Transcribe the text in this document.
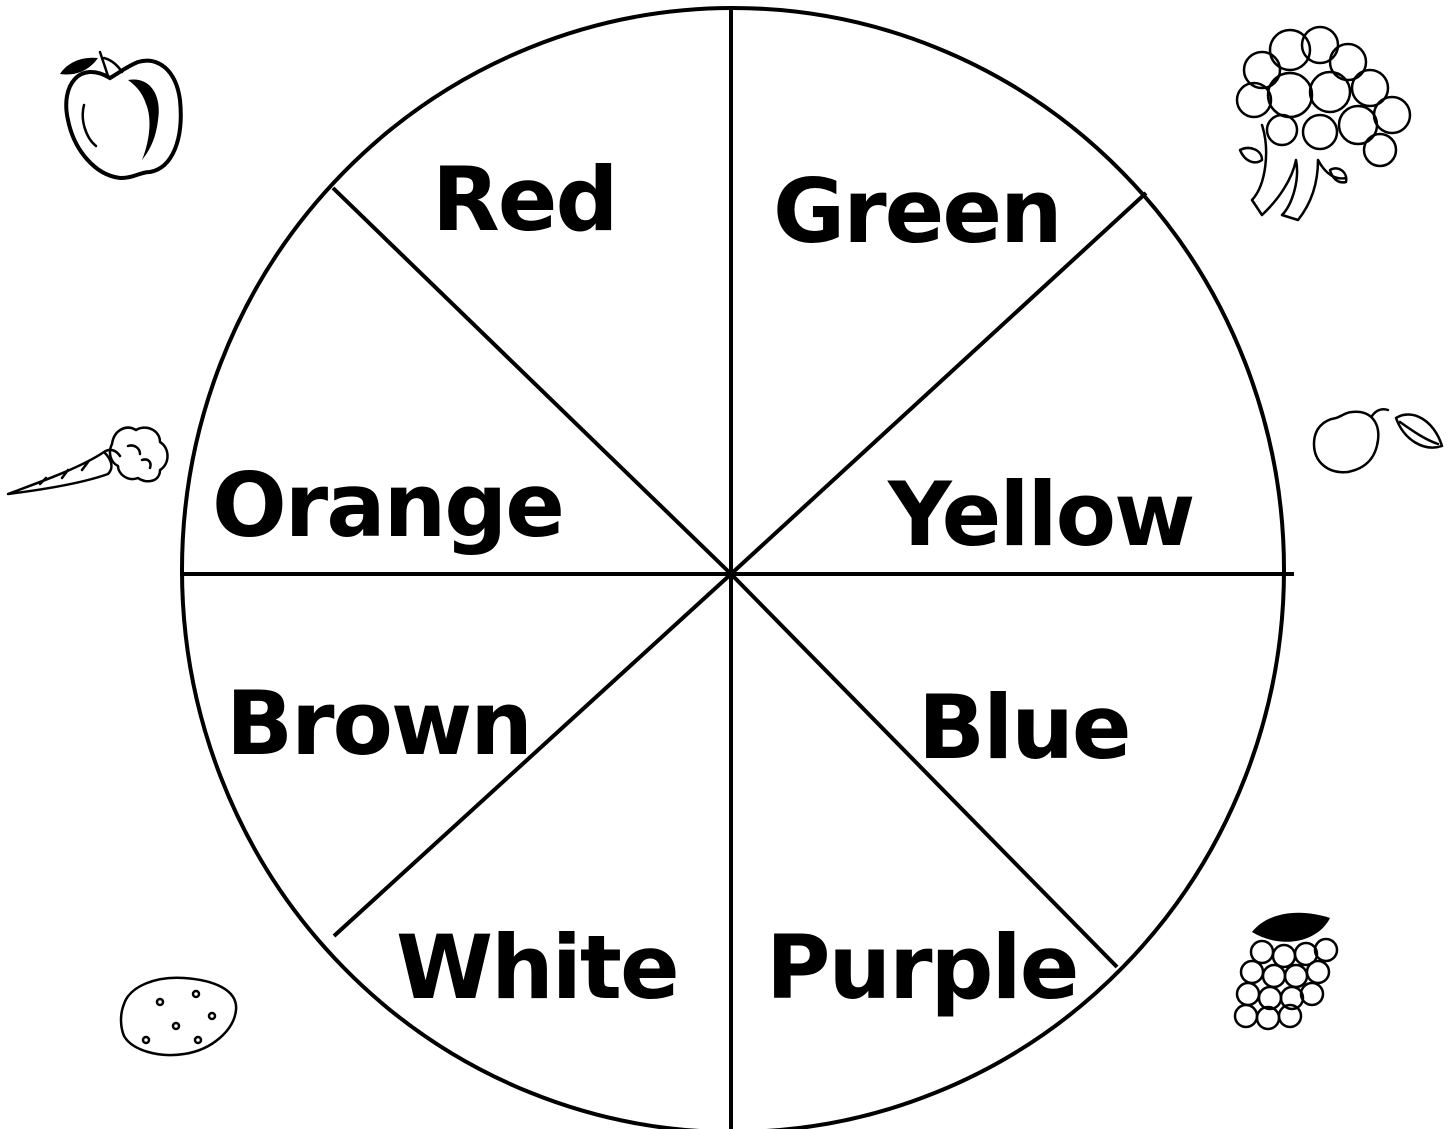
Red Green
Orange	Yellow
Brown	Blue
White Purple
